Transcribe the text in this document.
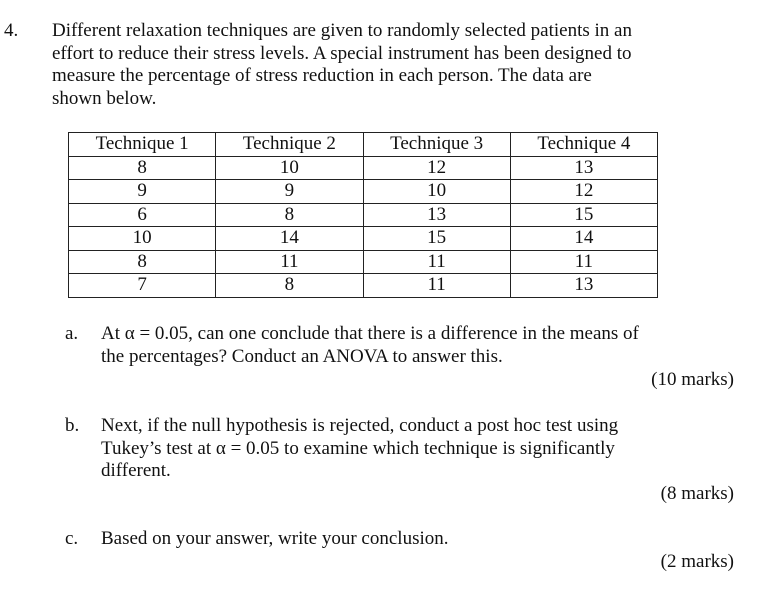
4. Different relaxation techniques are given to randomly selected patients in an
effort to reduce their stress levels. A special instrument has been designed to
measure the percentage of stress reduction in each person. The data are
shown below.
Technique 1	Technique 2	Technique 3	Technique 4
8	10	12	13
9	9	10	12
6	8	13	15
10	14	15	14
8	11	11	11
7	8	11	13
a. At α = 0.05, can one conclude that there is a difference in the means of
the percentages? Conduct an ANOVA to answer this.
(10 marks)
b. Next, if the null hypothesis is rejected, conduct a post hoc test using
Tukey’s test at α = 0.05 to examine which technique is significantly
different.
(8 marks)
c. Based on your answer, write your conclusion.
(2 marks)
